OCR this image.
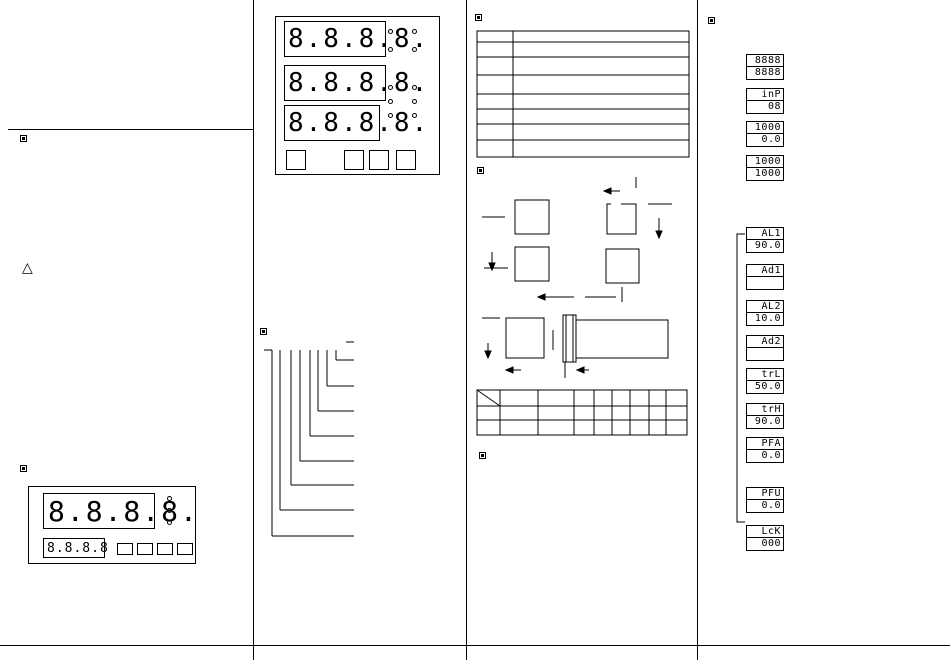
△
8.8.8.8.
8.8.8.8
8.8.8.8.
8.8.8.8.
8.8.8.8.
8888
8888
inP
08
1000
0.0
1000
1000
AL1
90.0
Ad1
AL2
10.0
Ad2
trL
50.0
trH
90.0
PFA
0.0
PFU
0.0
LcK
000
